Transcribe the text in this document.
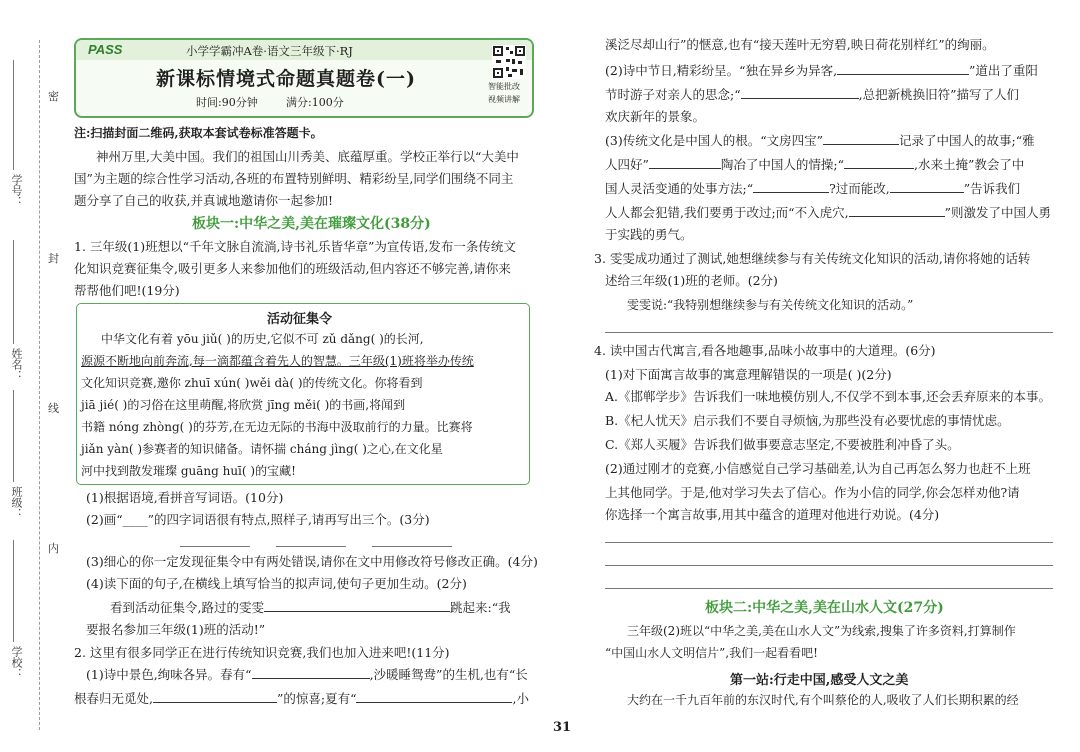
密
封
线
内
学号：
姓名：
班级：
学校：
PASS	小学学霸冲A卷·语文三年级下·RJ
新课标情境式命题真题卷(一)
时间:90分钟	满分:100分
智能批改
视频讲解
注:扫描封面二维码,获取本套试卷标准答题卡。
神州万里,大美中国。我们的祖国山川秀美、底蕴厚重。学校正举行以“大美中
国”为主题的综合性学习活动,各班的布置特别鲜明、精彩纷呈,同学们围绕不同主
题分享了自己的收获,并真诚地邀请你一起参加!
板块一:中华之美,美在璀璨文化(38分)
1. 三年级(1)班想以“千年文脉自流淌,诗书礼乐皆华章”为宣传语,发布一条传统文
化知识竞赛征集令,吸引更多人来参加他们的班级活动,但内容还不够完善,请你来
帮帮他们吧!(19分)
活动征集令
中华文化有着 yōu jiǔ( )的历史,它似不可 zǔ dǎng( )的长河,
源源不断地向前奔流,每一滴都蕴含着先人的智慧。三年级(1)班将举办传统
文化知识竞赛,邀你 zhuī xún( )wěi dà( )的传统文化。你将看到
jiā jié( )的习俗在这里萌醒,将欣赏 jīng měi( )的书画,将闻到
书籍 nóng zhòng( )的芬芳,在无边无际的书海中汲取前行的力量。比赛将
jiǎn yàn( )参赛者的知识储备。请怀揣 cháng jìng( )之心,在文化星
河中找到散发璀璨 guāng huī( )的宝藏!
(1)根据语境,看拼音写词语。(10分)
(2)画“____”的四字词语很有特点,照样子,请再写出三个。(3分)
(3)细心的你一定发现征集令中有两处错误,请你在文中用修改符号修改正确。(4分)
(4)读下面的句子,在横线上填写恰当的拟声词,使句子更加生动。(2分)
看到活动征集令,路过的雯雯	跳起来:“我
要报名参加三年级(1)班的活动!”
2. 这里有很多同学正在进行传统知识竞赛,我们也加入进来吧!(11分)
(1)诗中景色,绚味各异。春有“	,沙暖睡鸳鸯”的生机,也有“长
根春归无觅处,	”的惊喜;夏有“	,小
溪泛尽却山行”的惬意,也有“接天莲叶无穷碧,映日荷花别样红”的绚丽。
(2)诗中节日,精彩纷呈。“独在异乡为异客,	”道出了重阳
节时游子对亲人的思念;“	,总把新桃换旧符”描写了人们
欢庆新年的景象。
(3)传统文化是中国人的根。“文房四宝”	记录了中国人的故事;“雅
人四好”	陶冶了中国人的情操;“	,水来土掩”教会了中
国人灵活变通的处事方法;“	?过而能改,	”告诉我们
人人都会犯错,我们要勇于改过;而“不入虎穴,	”则激发了中国人勇
于实践的勇气。
3. 雯雯成功通过了测试,她想继续参与有关传统文化知识的活动,请你将她的话转
述给三年级(1)班的老师。(2分)
雯雯说:“我特别想继续参与有关传统文化知识的活动。”
4. 读中国古代寓言,看各地趣事,品味小故事中的大道理。(6分)
(1)对下面寓言故事的寓意理解错误的一项是( )(2分)
A.《邯郸学步》告诉我们一味地模仿别人,不仅学不到本事,还会丢弃原来的本事。
B.《杞人忧天》启示我们不要自寻烦恼,为那些没有必要忧虑的事情忧虑。
C.《郑人买履》告诉我们做事要意志坚定,不要被胜利冲昏了头。
(2)通过刚才的竞赛,小信感觉自己学习基础差,认为自己再怎么努力也赶不上班
上其他同学。于是,他对学习失去了信心。作为小信的同学,你会怎样劝他?请
你选择一个寓言故事,用其中蕴含的道理对他进行劝说。(4分)
板块二:中华之美,美在山水人文(27分)
三年级(2)班以“中华之美,美在山水人文”为线索,搜集了许多资料,打算制作
“中国山水人文明信片”,我们一起看看吧!
第一站:行走中国,感受人文之美
大约在一千九百年前的东汉时代,有个叫蔡伦的人,吸收了人们长期积累的经
31
